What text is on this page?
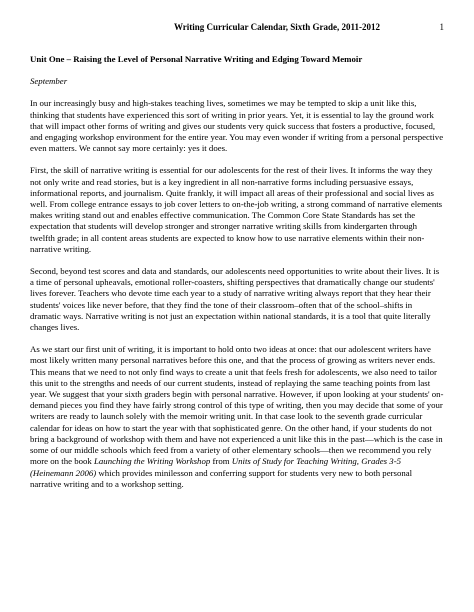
Writing Curricular Calendar, Sixth Grade, 2011-2012	1
Unit One – Raising the Level of Personal Narrative Writing and Edging Toward Memoir
September

In our increasingly busy and high-stakes teaching lives, sometimes we may be tempted to skip a unit like this, thinking that students have experienced this sort of writing in prior years. Yet, it is essential to lay the ground work that will impact other forms of writing and gives our students very quick success that fosters a productive, focused, and engaging workshop environment for the entire year. You may even wonder if writing from a personal perspective even matters. We cannot say more certainly: yes it does.

First, the skill of narrative writing is essential for our adolescents for the rest of their lives. It informs the way they not only write and read stories, but is a key ingredient in all non-narrative forms including persuasive essays, informational reports, and journalism. Quite frankly, it will impact all areas of their professional and social lives as well. From college entrance essays to job cover letters to on-the-job writing, a strong command of narrative elements makes writing stand out and enables effective communication. The Common Core State Standards has set the expectation that students will develop stronger and stronger narrative writing skills from kindergarten through twelfth grade; in all content areas students are expected to know how to use narrative elements within their non-narrative writing.

Second, beyond test scores and data and standards, our adolescents need opportunities to write about their lives. It is a time of personal upheavals, emotional roller-coasters, shifting perspectives that dramatically change our students' lives forever. Teachers who devote time each year to a study of narrative writing always report that they hear their students' voices like never before, that they find the tone of their classroom–often that of the school–shifts in dramatic ways. Narrative writing is not just an expectation within national standards, it is a tool that quite literally changes lives.

As we start our first unit of writing, it is important to hold onto two ideas at once: that our adolescent writers have most likely written many personal narratives before this one, and that the process of growing as writers never ends. This means that we need to not only find ways to create a unit that feels fresh for adolescents, we also need to tailor this unit to the strengths and needs of our current students, instead of replaying the same teaching points from last year. We suggest that your sixth graders begin with personal narrative. However, if upon looking at your students' on-demand pieces you find they have fairly strong control of this type of writing, then you may decide that some of your writers are ready to launch solely with the memoir writing unit. In that case look to the seventh grade curricular calendar for ideas on how to start the year with that sophisticated genre. On the other hand, if your students do not bring a background of workshop with them and have not experienced a unit like this in the past—which is the case in some of our middle schools which feed from a variety of other elementary schools—then we recommend you rely more on the book Launching the Writing Workshop from Units of Study for Teaching Writing, Grades 3-5 (Heinemann 2006) which provides minilesson and conferring support for students very new to both personal narrative writing and to a workshop setting.
